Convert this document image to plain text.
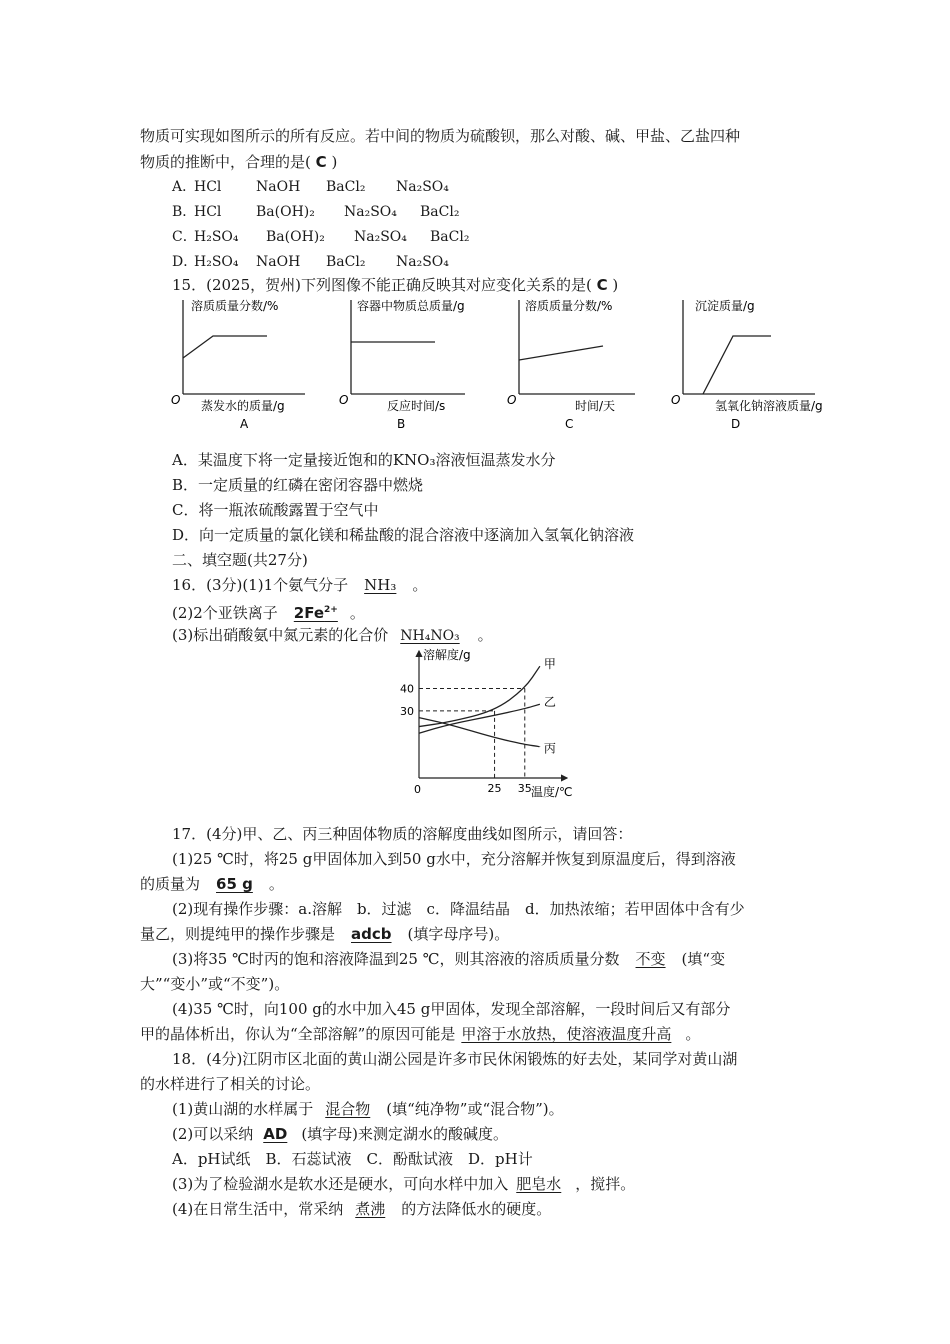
物质可实现如图所示的所有反应。若中间的物质为硫酸钡，那么对酸、碱、甲盐、乙盐四种
物质的推断中，合理的是( C )
A．HCl NaOH BaCl₂ Na₂SO₄
B．HCl Ba(OH)₂ Na₂SO₄ BaCl₂
C．H₂SO₄ Ba(OH)₂ Na₂SO₄ BaCl₂
D．H₂SO₄ NaOH BaCl₂ Na₂SO₄
15．(2025，贺州)下列图像不能正确反映其对应变化关系的是( C )
溶质质量分数/%
O 蒸发水的质量/g
A
容器中物质总质量/g
O	反应时间/s
B
溶质质量分数/%
O	时间/天
C
沉淀质量/g
O	氢氧化钠溶液质量/g
D
A．某温度下将一定量接近饱和的KNO₃溶液恒温蒸发水分
B．一定质量的红磷在密闭容器中燃烧
C．将一瓶浓硫酸露置于空气中
D．向一定质量的氯化镁和稀盐酸的混合溶液中逐滴加入氢氧化钠溶液
二、填空题(共27分)
16．(3分)(1)1个氨气分子 NH₃ 。
(2)2个亚铁离子 $2Fe^{2+}$ 。
(3)标出硝酸氨中氮元素的化合价 NH₄NO₃ 。
溶解度/g
温度/℃
0
30
40
25 35
甲
乙
丙
17．(4分)甲、乙、丙三种固体物质的溶解度曲线如图所示，请回答：
(1)25 ℃时，将25 g甲固体加入到50 g水中，充分溶解并恢复到原温度后，得到溶液
的质量为 65 g 。
(2)现有操作步骤：a.溶解　b．过滤　c．降温结晶　d．加热浓缩；若甲固体中含有少
量乙，则提纯甲的操作步骤是 adcb (填字母序号)。
(3)将35 ℃时丙的饱和溶液降温到25 ℃，则其溶液的溶质质量分数 不变 (填“变
大”“变小”或“不变”)。
(4)35 ℃时，向100 g的水中加入45 g甲固体，发现全部溶解，一段时间后又有部分
甲的晶体析出，你认为“全部溶解”的原因可能是 甲溶于水放热，使溶液温度升高 。
18．(4分)江阴市区北面的黄山湖公园是许多市民休闲锻炼的好去处，某同学对黄山湖
的水样进行了相关的讨论。
(1)黄山湖的水样属于 混合物 (填“纯净物”或“混合物”)。
(2)可以采纳 AD (填字母)来测定湖水的酸碱度。
A．pH试纸　B．石蕊试液　C．酚酞试液　D．pH计
(3)为了检验湖水是软水还是硬水，可向水样中加入 肥皂水 ，搅拌。
(4)在日常生活中，常采纳 煮沸 的方法降低水的硬度。
